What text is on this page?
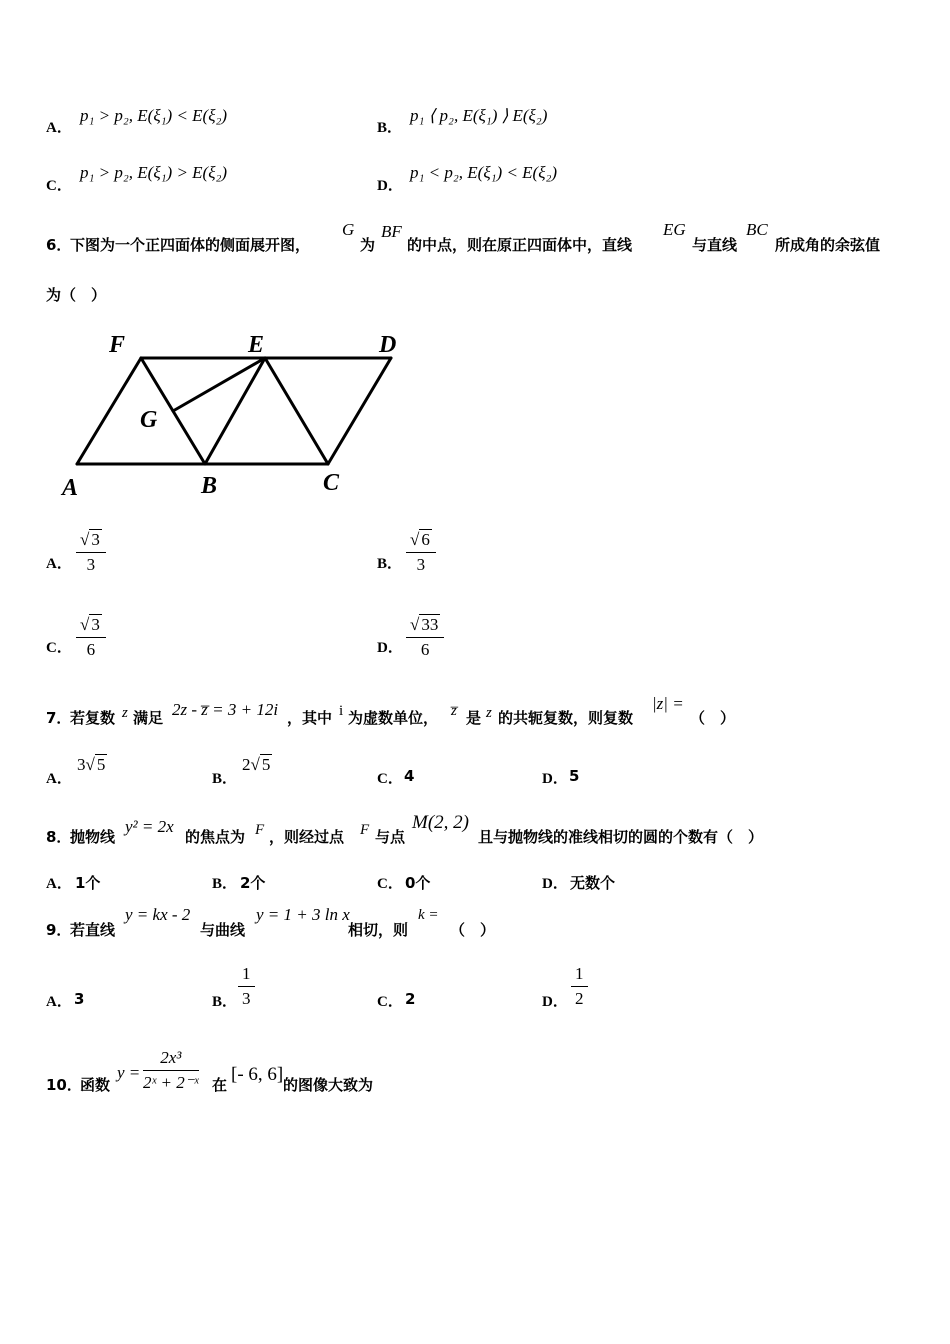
A．
p₁ > p₂, E(ξ₁) < E(ξ₂)
B．
p₁ ⟨ p₂, E(ξ₁) ⟩ E(ξ₂)
C．
p₁ > p₂, E(ξ₁) > E(ξ₂)
D．
p₁ < p₂, E(ξ₁) < E(ξ₂)
6．
下图为一个正四面体的侧面展开图，
G
为
BF
的中点，则在原正四面体中，直线
EG
与直线
BC
所成角的余弦值
为（　）
F	E	D
G
A	B	C
A． $\frac{√ 3}{3}$	B． $\frac{√ 6}{3}$
C． $\frac{√ 3}{6}$	D． $\frac{√ 33}{6}$
7．
若复数 z 满足 2z - z̅ = 3 + 12i ，其中 i 为虚数单位， z̅ 是 z 的共轭复数，则复数
|z| =
（　）
A．
3√ 5
B．
2√ 5
C． 4	D． 5
8．
抛物线
y² = 2x
的焦点为 F ，则经过点 F 与点
M(2, 2)
且与抛物线的准线相切的圆的个数有（　）
A． 1个	B． 2个	C． 0个	D． 无数个
9．
若直线
y = kx - 2
与曲线
y = 1 + 3 ln x
相切，则
k =
（　）
A． 3	B． $\frac{1}{3}$	C． 2	D． $\frac{1}{2}$
10．
函数
$y = \frac{\text{2x³}}{\text{2ˣ + 2⁻ˣ}}$ 在 [- 6, 6] 的图像大致为
